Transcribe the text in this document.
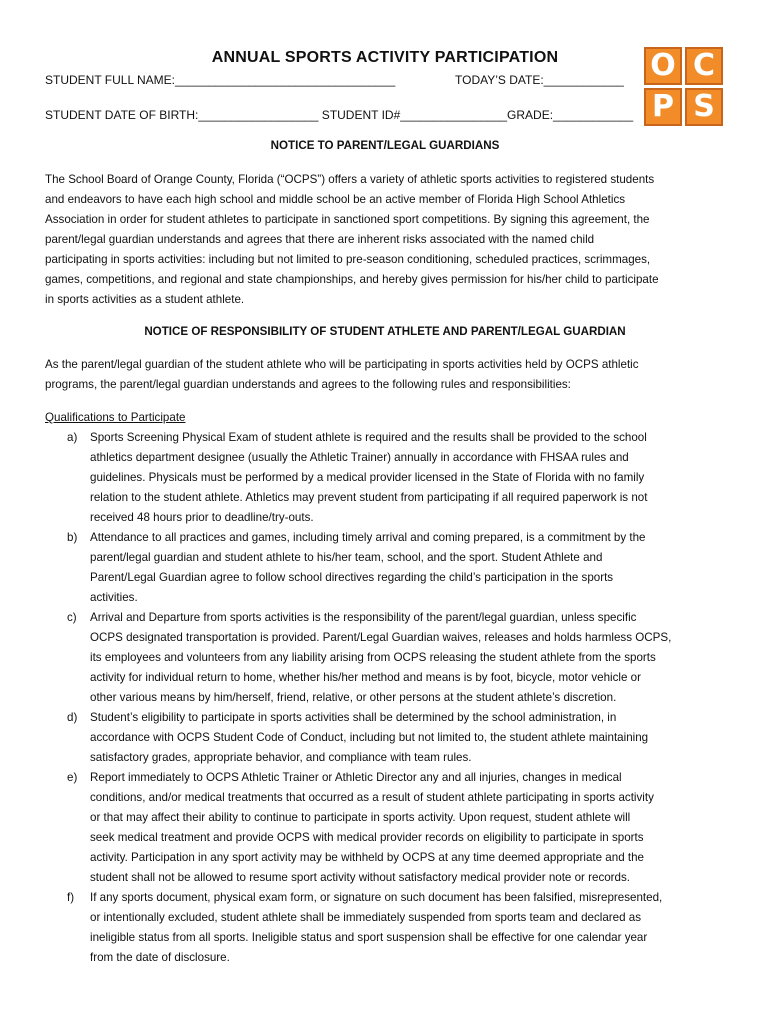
O C
P S
ANNUAL SPORTS ACTIVITY PARTICIPATION
STUDENT FULL NAME:_________________________________	TODAY’S DATE:____________
STUDENT DATE OF BIRTH:__________________ STUDENT ID#________________GRADE:____________
NOTICE TO PARENT/LEGAL GUARDIANS
The School Board of Orange County, Florida (“OCPS”) offers a variety of athletic sports activities to registered students
and endeavors to have each high school and middle school be an active member of Florida High School Athletics
Association in order for student athletes to participate in sanctioned sport competitions. By signing this agreement, the
parent/legal guardian understands and agrees that there are inherent risks associated with the named child
participating in sports activities: including but not limited to pre-season conditioning, scheduled practices, scrimmages,
games, competitions, and regional and state championships, and hereby gives permission for his/her child to participate
in sports activities as a student athlete.
NOTICE OF RESPONSIBILITY OF STUDENT ATHLETE AND PARENT/LEGAL GUARDIAN
As the parent/legal guardian of the student athlete who will be participating in sports activities held by OCPS athletic
programs, the parent/legal guardian understands and agrees to the following rules and responsibilities:
Qualifications to Participate
a) Sports Screening Physical Exam of student athlete is required and the results shall be provided to the school
athletics department designee (usually the Athletic Trainer) annually in accordance with FHSAA rules and
guidelines. Physicals must be performed by a medical provider licensed in the State of Florida with no family
relation to the student athlete. Athletics may prevent student from participating if all required paperwork is not
received 48 hours prior to deadline/try-outs.
b) Attendance to all practices and games, including timely arrival and coming prepared, is a commitment by the
parent/legal guardian and student athlete to his/her team, school, and the sport. Student Athlete and
Parent/Legal Guardian agree to follow school directives regarding the child’s participation in the sports
activities.
c) Arrival and Departure from sports activities is the responsibility of the parent/legal guardian, unless specific
OCPS designated transportation is provided. Parent/Legal Guardian waives, releases and holds harmless OCPS,
its employees and volunteers from any liability arising from OCPS releasing the student athlete from the sports
activity for individual return to home, whether his/her method and means is by foot, bicycle, motor vehicle or
other various means by him/herself, friend, relative, or other persons at the student athlete’s discretion.
d) Student’s eligibility to participate in sports activities shall be determined by the school administration, in
accordance with OCPS Student Code of Conduct, including but not limited to, the student athlete maintaining
satisfactory grades, appropriate behavior, and compliance with team rules.
e) Report immediately to OCPS Athletic Trainer or Athletic Director any and all injuries, changes in medical
conditions, and/or medical treatments that occurred as a result of student athlete participating in sports activity
or that may affect their ability to continue to participate in sports activity. Upon request, student athlete will
seek medical treatment and provide OCPS with medical provider records on eligibility to participate in sports
activity. Participation in any sport activity may be withheld by OCPS at any time deemed appropriate and the
student shall not be allowed to resume sport activity without satisfactory medical provider note or records.
f) If any sports document, physical exam form, or signature on such document has been falsified, misrepresented,
or intentionally excluded, student athlete shall be immediately suspended from sports team and declared as
ineligible status from all sports. Ineligible status and sport suspension shall be effective for one calendar year
from the date of disclosure.
